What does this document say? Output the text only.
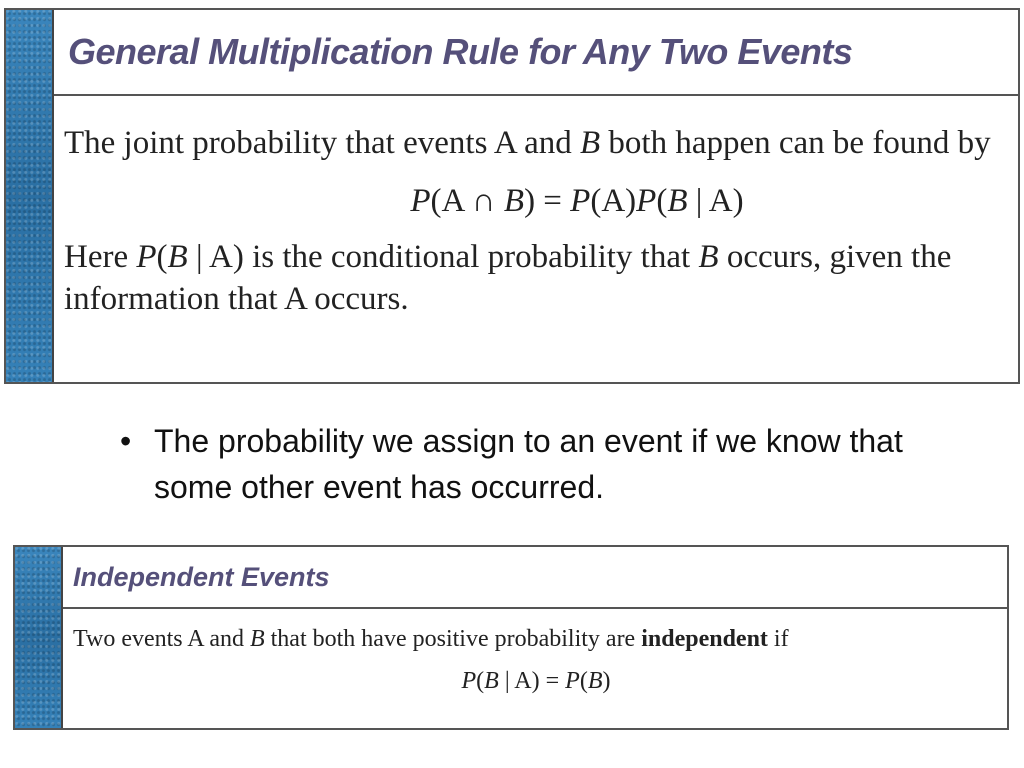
General Multiplication Rule for Any Two Events
The joint probability that events A and B both happen can be found by
P(A ∩ B) = P(A)P(B | A)
Here P(B | A) is the conditional probability that B occurs, given the information that A occurs.
• The probability we assign to an event if we know that some other event has occurred.
Independent Events
Two events A and B that both have positive probability are independent if
P(B | A) = P(B)
